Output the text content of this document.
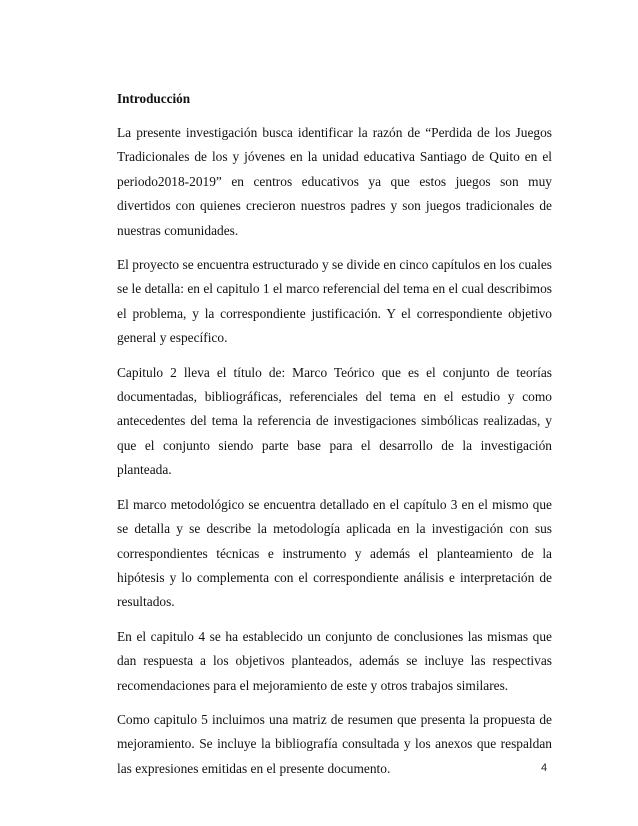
Introducción

La presente investigación busca identificar la razón de “Perdida de los Juegos Tradicionales de los y jóvenes en la unidad educativa Santiago de Quito en el periodo2018-2019” en centros educativos ya que estos juegos son muy divertidos con quienes crecieron nuestros padres y son juegos tradicionales de nuestras comunidades.

El proyecto se encuentra estructurado y se divide en cinco capítulos en los cuales se le detalla: en el capitulo 1 el marco referencial del tema en el cual describimos el problema, y la correspondiente justificación. Y el correspondiente objetivo general y específico.

Capitulo 2 lleva el título de: Marco Teórico que es el conjunto de teorías documentadas, bibliográficas, referenciales del tema en el estudio y como antecedentes del tema la referencia de investigaciones simbólicas realizadas, y que el conjunto siendo parte base para el desarrollo de la investigación planteada.

El marco metodológico se encuentra detallado en el capítulo 3 en el mismo que se detalla y se describe la metodología aplicada en la investigación con sus correspondientes técnicas e instrumento y además el planteamiento de la hipótesis y lo complementa con el correspondiente análisis e interpretación de resultados.

En el capitulo 4 se ha establecido un conjunto de conclusiones las mismas que dan respuesta a los objetivos planteados, además se incluye las respectivas recomendaciones para el mejoramiento de este y otros trabajos similares.

Como capitulo 5 incluimos una matriz de resumen que presenta la propuesta de mejoramiento. Se incluye la bibliografía consultada y los anexos que respaldan las expresiones emitidas en el presente documento.	4
